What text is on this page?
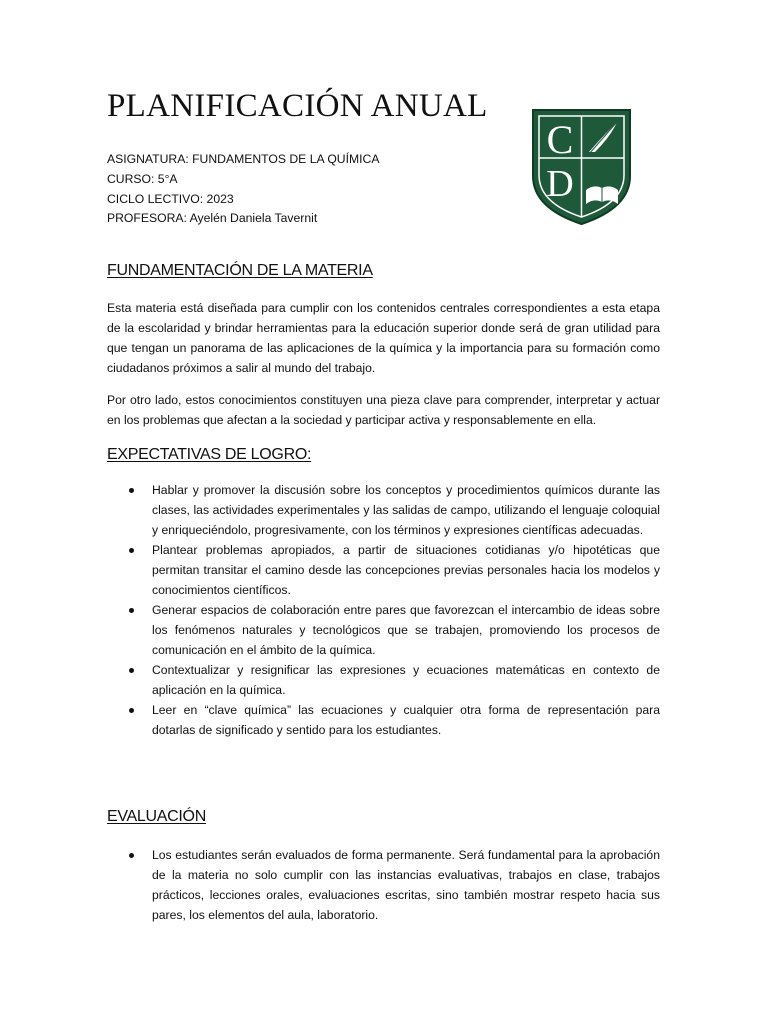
PLANIFICACIÓN ANUAL
ASIGNATURA: FUNDAMENTOS DE LA QUÍMICA
CURSO: 5°A
CICLO LECTIVO: 2023
PROFESORA: Ayelén Daniela Tavernit
C
D
FUNDAMENTACIÓN DE LA MATERIA

Esta materia está diseñada para cumplir con los contenidos centrales correspondientes a esta etapa de la escolaridad y brindar herramientas para la educación superior donde será de gran utilidad para que tengan un panorama de las aplicaciones de la química y la importancia para su formación como ciudadanos próximos a salir al mundo del trabajo.

Por otro lado, estos conocimientos constituyen una pieza clave para comprender, interpretar y actuar en los problemas que afectan a la sociedad y participar activa y responsablemente en ella.

EXPECTATIVAS DE LOGRO:
Hablar y promover la discusión sobre los conceptos y procedimientos químicos durante las clases, las actividades experimentales y las salidas de campo, utilizando el lenguaje coloquial y enriqueciéndolo, progresivamente, con los términos y expresiones científicas adecuadas.
Plantear problemas apropiados, a partir de situaciones cotidianas y/o hipotéticas que permitan transitar el camino desde las concepciones previas personales hacia los modelos y conocimientos científicos.
Generar espacios de colaboración entre pares que favorezcan el intercambio de ideas sobre los fenómenos naturales y tecnológicos que se trabajen, promoviendo los procesos de comunicación en el ámbito de la química.
Contextualizar y resignificar las expresiones y ecuaciones matemáticas en contexto de aplicación en la química.
Leer en “clave química” las ecuaciones y cualquier otra forma de representación para dotarlas de significado y sentido para los estudiantes.
EVALUACIÓN
Los estudiantes serán evaluados de forma permanente. Será fundamental para la aprobación de la materia no solo cumplir con las instancias evaluativas, trabajos en clase, trabajos prácticos, lecciones orales, evaluaciones escritas, sino también mostrar respeto hacia sus pares, los elementos del aula, laboratorio.
